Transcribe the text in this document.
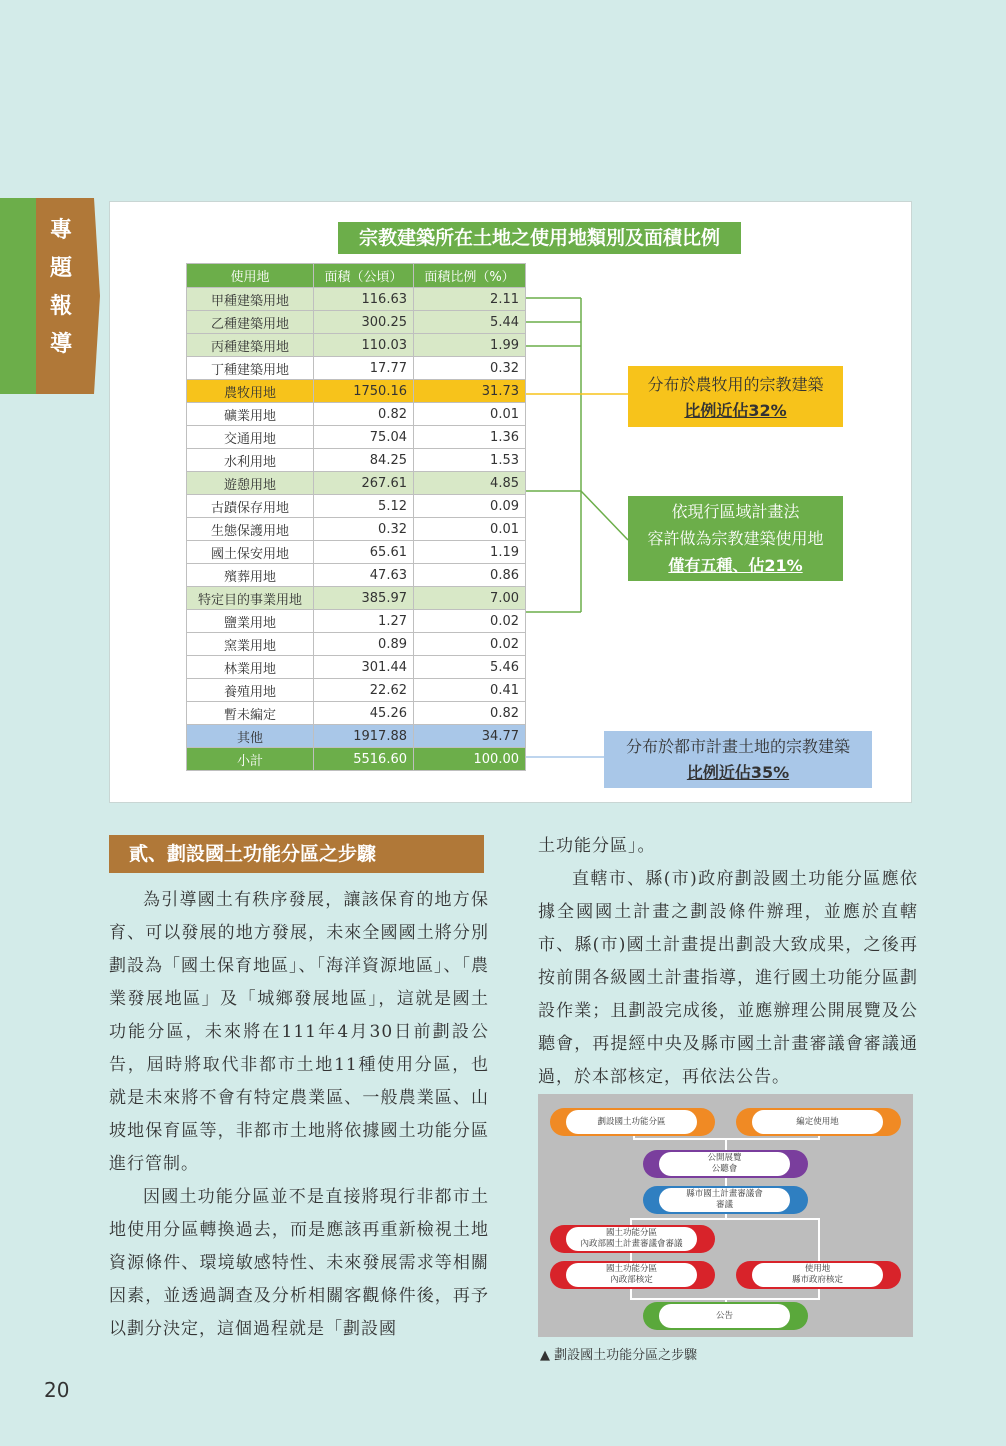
專
題
報
導
宗教建築所在土地之使用地類別及面積比例
使用地	面積（公頃）	面積比例（%）
甲種建築用地	116.63	2.11
乙種建築用地	300.25	5.44
丙種建築用地	110.03	1.99
丁種建築用地	17.77	0.32
農牧用地	1750.16	31.73
礦業用地	0.82	0.01
交通用地	75.04	1.36
水利用地	84.25	1.53
遊憩用地	267.61	4.85
古蹟保存用地	5.12	0.09
生態保護用地	0.32	0.01
國土保安用地	65.61	1.19
殯葬用地	47.63	0.86
特定目的事業用地	385.97	7.00
鹽業用地	1.27	0.02
窯業用地	0.89	0.02
林業用地	301.44	5.46
養殖用地	22.62	0.41
暫未編定	45.26	0.82
其他	1917.88	34.77
小計	5516.60	100.00
分布於農牧用的宗教建築
比例近佔32%
依現行區域計畫法
容許做為宗教建築使用地
僅有五種、佔21%
分布於都市計畫土地的宗教建築
比例近佔35%
貳、劃設國土功能分區之步驟

為引導國土有秩序發展，讓該保育的地方保育、可以發展的地方發展，未來全國國土將分別劃設為「國土保育地區」、「海洋資源地區」、「農業發展地區」及「城鄉發展地區」，這就是國土功能分區，未來將在111年4月30日前劃設公告，屆時將取代非都市土地11種使用分區，也就是未來將不會有特定農業區、一般農業區、山坡地保育區等，非都市土地將依據國土功能分區進行管制。

因國土功能分區並不是直接將現行非都市土地使用分區轉換過去，而是應該再重新檢視土地資源條件、環境敏感特性、未來發展需求等相關因素，並透過調查及分析相關客觀條件後，再予以劃分決定，這個過程就是「劃設國

土功能分區」。

直轄市、縣(市)政府劃設國土功能分區應依據全國國土計畫之劃設條件辦理，並應於直轄市、縣(市)國土計畫提出劃設大致成果，之後再按前開各級國土計畫指導，進行國土功能分區劃設作業；且劃設完成後，並應辦理公開展覽及公聽會，再提經中央及縣市國土計畫審議會審議通過，於本部核定，再依法公告。

劃設國土功能分區	編定使用地
公開展覽
公聽會
縣市國土計畫審議會
審議
國土功能分區
內政部國土計畫審議會審議
國土功能分區
內政部核定
使用地
縣市政府核定
公告
▲ 劃設國土功能分區之步驟
20
